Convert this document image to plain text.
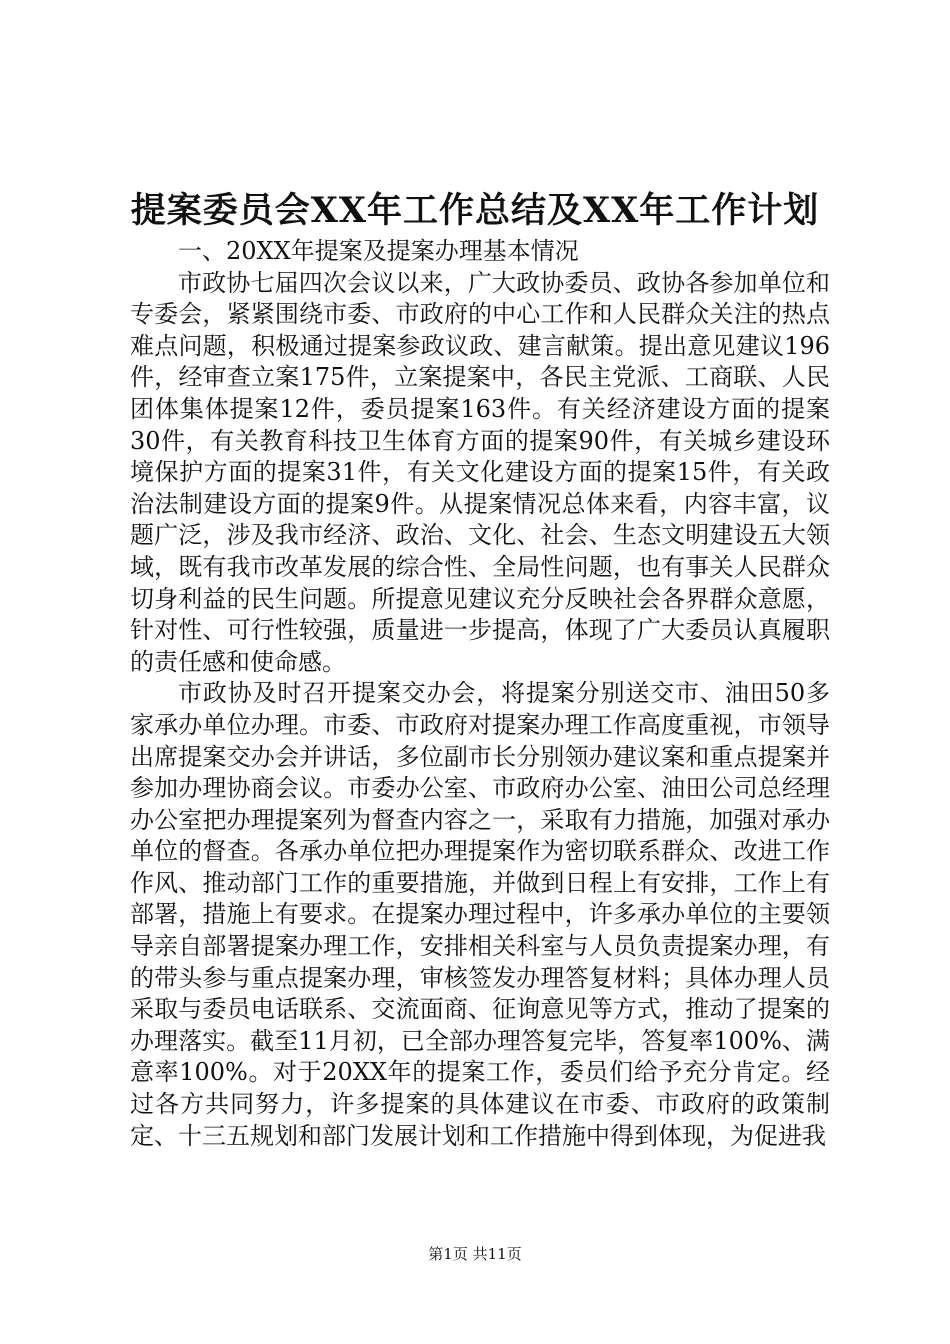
提案委员会XX年工作总结及XX年工作计划

一、20XX年提案及提案办理基本情况

市政协七届四次会议以来，广大政协委员、政协各参加单位和专委会，紧紧围绕市委、市政府的中心工作和人民群众关注的热点难点问题，积极通过提案参政议政、建言献策。提出意见建议196件，经审查立案175件，立案提案中，各民主党派、工商联、人民团体集体提案12件，委员提案163件。有关经济建设方面的提案30件，有关教育科技卫生体育方面的提案90件，有关城乡建设环境保护方面的提案31件，有关文化建设方面的提案15件，有关政治法制建设方面的提案9件。从提案情况总体来看，内容丰富，议题广泛，涉及我市经济、政治、文化、社会、生态文明建设五大领域，既有我市改革发展的综合性、全局性问题，也有事关人民群众切身利益的民生问题。所提意见建议充分反映社会各界群众意愿，针对性、可行性较强，质量进一步提高，体现了广大委员认真履职的责任感和使命感。

市政协及时召开提案交办会，将提案分别送交市、油田50多家承办单位办理。市委、市政府对提案办理工作高度重视，市领导出席提案交办会并讲话，多位副市长分别领办建议案和重点提案并参加办理协商会议。市委办公室、市政府办公室、油田公司总经理办公室把办理提案列为督查内容之一，采取有力措施，加强对承办单位的督查。各承办单位把办理提案作为密切联系群众、改进工作作风、推动部门工作的重要措施，并做到日程上有安排，工作上有部署，措施上有要求。在提案办理过程中，许多承办单位的主要领导亲自部署提案办理工作，安排相关科室与人员负责提案办理，有的带头参与重点提案办理，审核签发办理答复材料；具体办理人员采取与委员电话联系、交流面商、征询意见等方式，推动了提案的办理落实。截至11月初，已全部办理答复完毕，答复率100%、满意率100%。对于20XX年的提案工作，委员们给予充分肯定。经过各方共同努力，许多提案的具体建议在市委、市政府的政策制定、十三五规划和部门发展计划和工作措施中得到体现，为促进我

第1页 共11页
